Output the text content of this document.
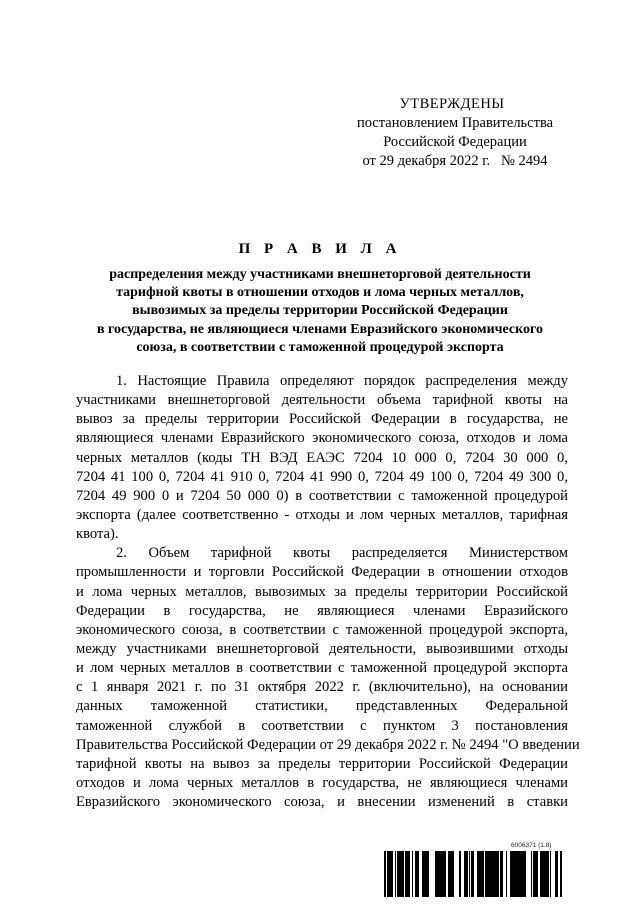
УТВЕРЖДЕНЫ
постановлением Правительства
Российской Федерации
от 29 декабря 2022 г.   № 2494
П Р А В И Л А
распределения между участниками внешнеторговой деятельности
тарифной квоты в отношении отходов и лома черных металлов,
вывозимых за пределы территории Российской Федерации
в государства, не являющиеся членами Евразийского экономического
союза, в соответствии с таможенной процедурой экспорта
1. Настоящие Правила определяют порядок распределения между
участниками внешнеторговой деятельности объема тарифной квоты на
вывоз за пределы территории Российской Федерации в государства, не
являющиеся членами Евразийского экономического союза, отходов и лома
черных металлов (коды ТН ВЭД ЕАЭС 7204 10 000 0, 7204 30 000 0,
7204 41 100 0, 7204 41 910 0, 7204 41 990 0, 7204 49 100 0, 7204 49 300 0,
7204 49 900 0 и 7204 50 000 0) в соответствии с таможенной процедурой
экспорта (далее соответственно - отходы и лом черных металлов, тарифная
квота).
2. Объем тарифной квоты распределяется Министерством
промышленности и торговли Российской Федерации в отношении отходов
и лома черных металлов, вывозимых за пределы территории Российской
Федерации в государства, не являющиеся членами Евразийского
экономического союза, в соответствии с таможенной процедурой экспорта,
между участниками внешнеторговой деятельности, вывозившими отходы
и лом черных металлов в соответствии с таможенной процедурой экспорта
с 1 января 2021 г. по 31 октября 2022 г. (включительно), на основании
данных таможенной статистики, представленных Федеральной
таможенной службой в соответствии с пунктом 3 постановления
Правительства Российской Федерации от 29 декабря 2022 г. № 2494 "О введении
тарифной квоты на вывоз за пределы территории Российской Федерации
отходов и лома черных металлов в государства, не являющиеся членами
Евразийского экономического союза, и внесении изменений в ставки
6006371 (1.8)
